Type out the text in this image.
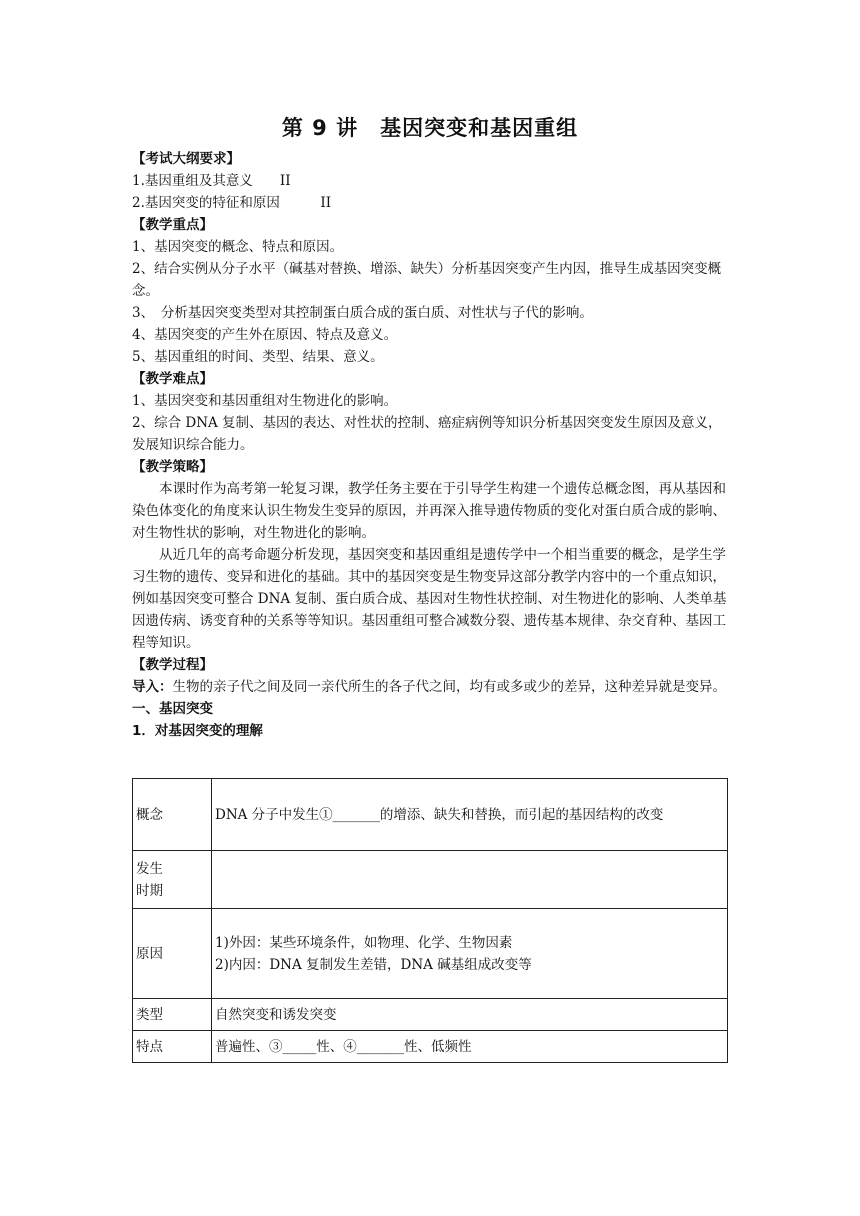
第 9 讲　基因突变和基因重组

【考试大纲要求】

1.基因重组及其意义　　II

2.基因突变的特征和原因　　　II

【教学重点】

1、基因突变的概念、特点和原因。

2、结合实例从分子水平（碱基对替换、增添、缺失）分析基因突变产生内因，推导生成基因突变概念。

3、　分析基因突变类型对其控制蛋白质合成的蛋白质、对性状与子代的影响。

4、基因突变的产生外在原因、特点及意义。

5、基因重组的时间、类型、结果、意义。

【教学难点】

1、基因突变和基因重组对生物进化的影响。

2、综合 DNA 复制、基因的表达、对性状的控制、癌症病例等知识分析基因突变发生原因及意义，发展知识综合能力。

【教学策略】

本课时作为高考第一轮复习课，教学任务主要在于引导学生构建一个遗传总概念图，再从基因和染色体变化的角度来认识生物发生变异的原因，并再深入推导遗传物质的变化对蛋白质合成的影响、对生物性状的影响，对生物进化的影响。

从近几年的高考命题分析发现，基因突变和基因重组是遗传学中一个相当重要的概念，是学生学习生物的遗传、变异和进化的基础。其中的基因突变是生物变异这部分教学内容中的一个重点知识，例如基因突变可整合 DNA 复制、蛋白质合成、基因对生物性状控制、对生物进化的影响、人类单基因遗传病、诱变育种的关系等等知识。基因重组可整合减数分裂、遗传基本规律、杂交育种、基因工程等知识。

【教学过程】

导入：生物的亲子代之间及同一亲代所生的各子代之间，均有或多或少的差异，这种差异就是变异。

一、基因突变

1．对基因突变的理解

概念	DNA 分子中发生①_______的增添、缺失和替换，而引起的基因结构的改变
发生
时期	
原因	1)外因：某些环境条件，如物理、化学、生物因素
2)内因：DNA 复制发生差错，DNA 碱基组成改变等
类型	自然突变和诱发突变
特点	普遍性、③_____性、④_______性、低频性
